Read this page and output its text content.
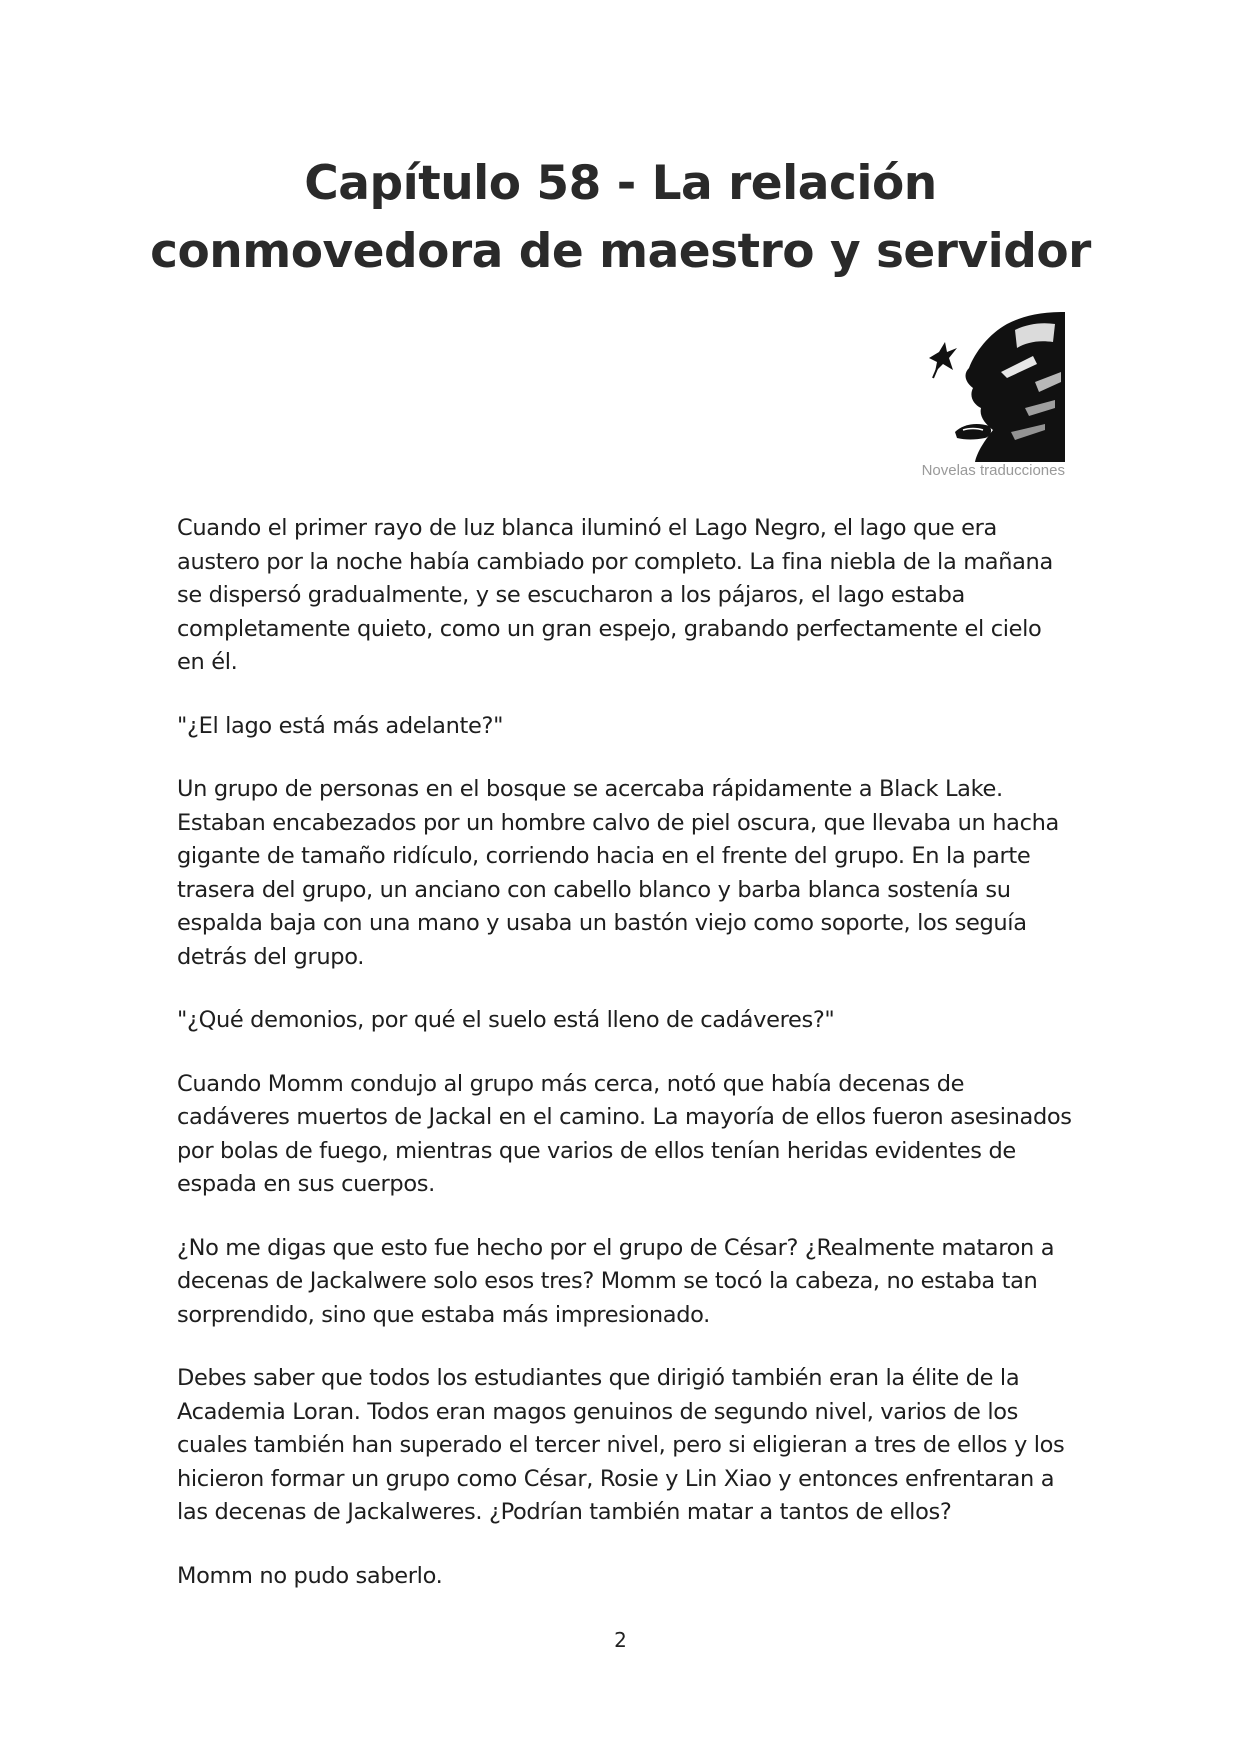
Capítulo 58 - La relación
conmovedora de maestro y servidor
Novelas traducciones

Cuando el primer rayo de luz blanca iluminó el Lago Negro, el lago que era austero por la noche había cambiado por completo. La fina niebla de la mañana se dispersó gradualmente, y se escucharon a los pájaros, el lago estaba completamente quieto, como un gran espejo, grabando perfectamente el cielo en él.

"¿El lago está más adelante?"

Un grupo de personas en el bosque se acercaba rápidamente a Black Lake. Estaban encabezados por un hombre calvo de piel oscura, que llevaba un hacha gigante de tamaño ridículo, corriendo hacia en el frente del grupo. En la parte trasera del grupo, un anciano con cabello blanco y barba blanca sostenía su espalda baja con una mano y usaba un bastón viejo como soporte, los seguía detrás del grupo.

"¿Qué demonios, por qué el suelo está lleno de cadáveres?"

Cuando Momm condujo al grupo más cerca, notó que había decenas de cadáveres muertos de Jackal en el camino. La mayoría de ellos fueron asesinados por bolas de fuego, mientras que varios de ellos tenían heridas evidentes de espada en sus cuerpos.

¿No me digas que esto fue hecho por el grupo de César? ¿Realmente mataron a decenas de Jackalwere solo esos tres? Momm se tocó la cabeza, no estaba tan sorprendido, sino que estaba más impresionado.

Debes saber que todos los estudiantes que dirigió también eran la élite de la Academia Loran. Todos eran magos genuinos de segundo nivel, varios de los cuales también han superado el tercer nivel, pero si eligieran a tres de ellos y los hicieron formar un grupo como César, Rosie y Lin Xiao y entonces enfrentaran a las decenas de Jackalweres. ¿Podrían también matar a tantos de ellos?

Momm no pudo saberlo.

2
